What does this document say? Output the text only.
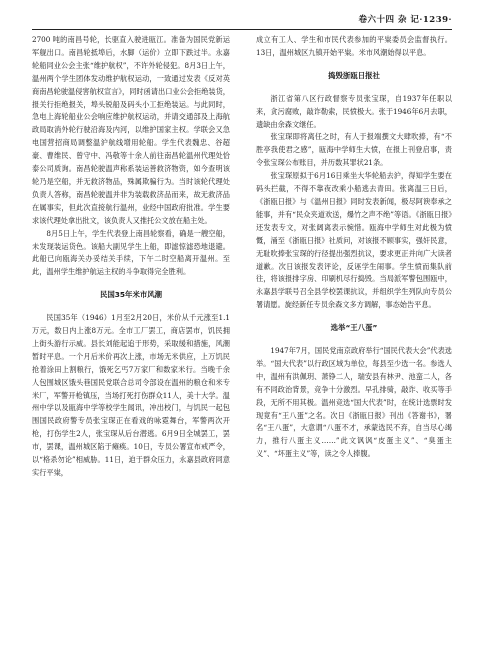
卷六十四 杂 记·1239·

2700 吨的南昌号轮，长驱直入驶进瓯江。准备为国民党新运军舰出口。南昌轮抵埠后，水脚（运价）立即下跌过半。永嘉轮船同业公会主张“维护航权”，不许外轮侵犯。8月3日上午，温州两个学生团体发动维护航权运动，一致通过发表《反对英商南昌轮驶温侵害航权宣言》，同时函请出口业公会拒绝装货，报关行拒绝报关，埠头锐船及码头小工拒绝装运。与此同时，急电上海轮船业公会响应维护航权运动，并请交通部及上海航政局取消外轮行驶沿海及内河，以维护国家主权。学联会又急电国营招商局调整温沪航线增用轮船。学生代表魏忠、谷超豪、曹维民、曾守中、冯敬等十余人前往南昌轮温州代理处恰泰公司质询。南昌轮驶温声称系装运善救济物资，如今查明该轮乃是空船，并无救济物品，殊属欺骗行为。当时该轮代理处负责人答称，南昌轮驶温并非为装载救济品而来，故无救济品在属事实，但此次直接航行温州，业经中国政府批准。学生要求该代理处拿出批文，该负责人又推托公文放在船主处。

8月5日上午，学生代表登上南昌轮察看，确是一艘空船，未发现装运货色。该船大副见学生上船，即滤惊滤恐地退避。此船已向瓯海关办妥结关手续，下午二时空船离开温州。至此，温州学生维护航运主权的斗争取得完全胜利。

民国35年米市风潮

民国35年（1946）1月至2月20日，米价从千元涨至1.1万元，数日内上涨8万元。全市工厂罢工，商店罢市，饥民拥上街头游行示威。县长刘能起追于形势，采取缓和措施，风潮暂时平息。一个月后米价再次上涨，市场无米供应，上万饥民抢着涂田上割粮行，饿死乞丐7万家厂和数家米行。当晚千余人包围城区饿头巷国民党联合总司令部设在温州的粮仓和米专米厂，军警开枪镇压，当场打死打伤群众11人，美十大学。温州中学以及瓯海中学等校学生闻讯，冲出校门，与饥民一起包围国民政府警专员张宝琛正在看戏的咏霓舞台，军警两次开枪，打伤学生2人，张宝琛从后台潜逃。6月9日全城罢工，罢市，罢课，温州城区陷于瘫痪。10日，专员公署宣布戒严令，以“格杀勿论”相威胁。11日，迫于群众压力，永嘉县政府同意实行平粜，

成立有工人、学生和市民代表参加的平粜委员会监督执行。13日，温州城区九镇开始平粜。米市风潮始得以平息。

捣毁浙瓯日报社

浙江省第八区行政督察专员张宝琛，自1937年任职以来，贪污腐败，敲诈勒索，民愤极大。张于1946年6月去职，遗缺由余森文继任。

张宝琛即将离任之时，有人于报端撰文大肆吹捧，有“不胜亭我使君之感”，瓯海中学师生大愤，在报上刊登启事，责令张宝琛公布账目，并历数其罪状21条。

张宝琛原拟于6月16日乘坐大华轮船去沪，得知学生要在码头拦截，不得不靠夜改乘小船逃去青田。张离温三日后，《浙瓯日报》与《温州日报》同时发表新闻，极尽阿谀奉承之能事，并有“民众夹道欢送，爆竹之声不绝”等语。《浙瓯日报》还发表专文，对张阔离表示惋惜。瓯海中学师生对此极为愤慨，涌至《浙瓯日报》社质问，对该报不顾事实，强奸民意，无耻吹捧张宝琛的行径提出强烈抗议，要求更正并向广大读者道歉。次日该报发表评论，反诬学生闹事。学生愤而集队前往，将该报排字房、印刷机尽行捣毁。当局派军警包围瓯中，永嘉县学联号召全县学校罢课抗议，并组织学生列队向专员公署请愿。旋经新任专员余森文多方调解，事态始告平息。

选举“王八蛋”

1947年7月，国民党南京政府举行“国民代表大会”代表选举。“国大代表”以行政区域为单位，每县至少选一名。参选人中，温州有洪佩玥、萧铮二人，瑞安县有林尹、池蛮二人，各有不同政治背景，竞争十分激烈。早孔排骑，敲诈、收买等手段，无所不用其极。温州竞选“国大代表”时，在统计选票时发现竟有“王八蛋”之名。次日《浙瓯日报》刊出《答谢书》，署名“王八蛋”，大意谓“八蛋不才，承蒙选民不弃，自当尽心竭力，推行八蛋主义……”此文讽讽“皮蛋主义”、“臭蛋主义”、“坏蛋主义”等，读之令人捧腹。
